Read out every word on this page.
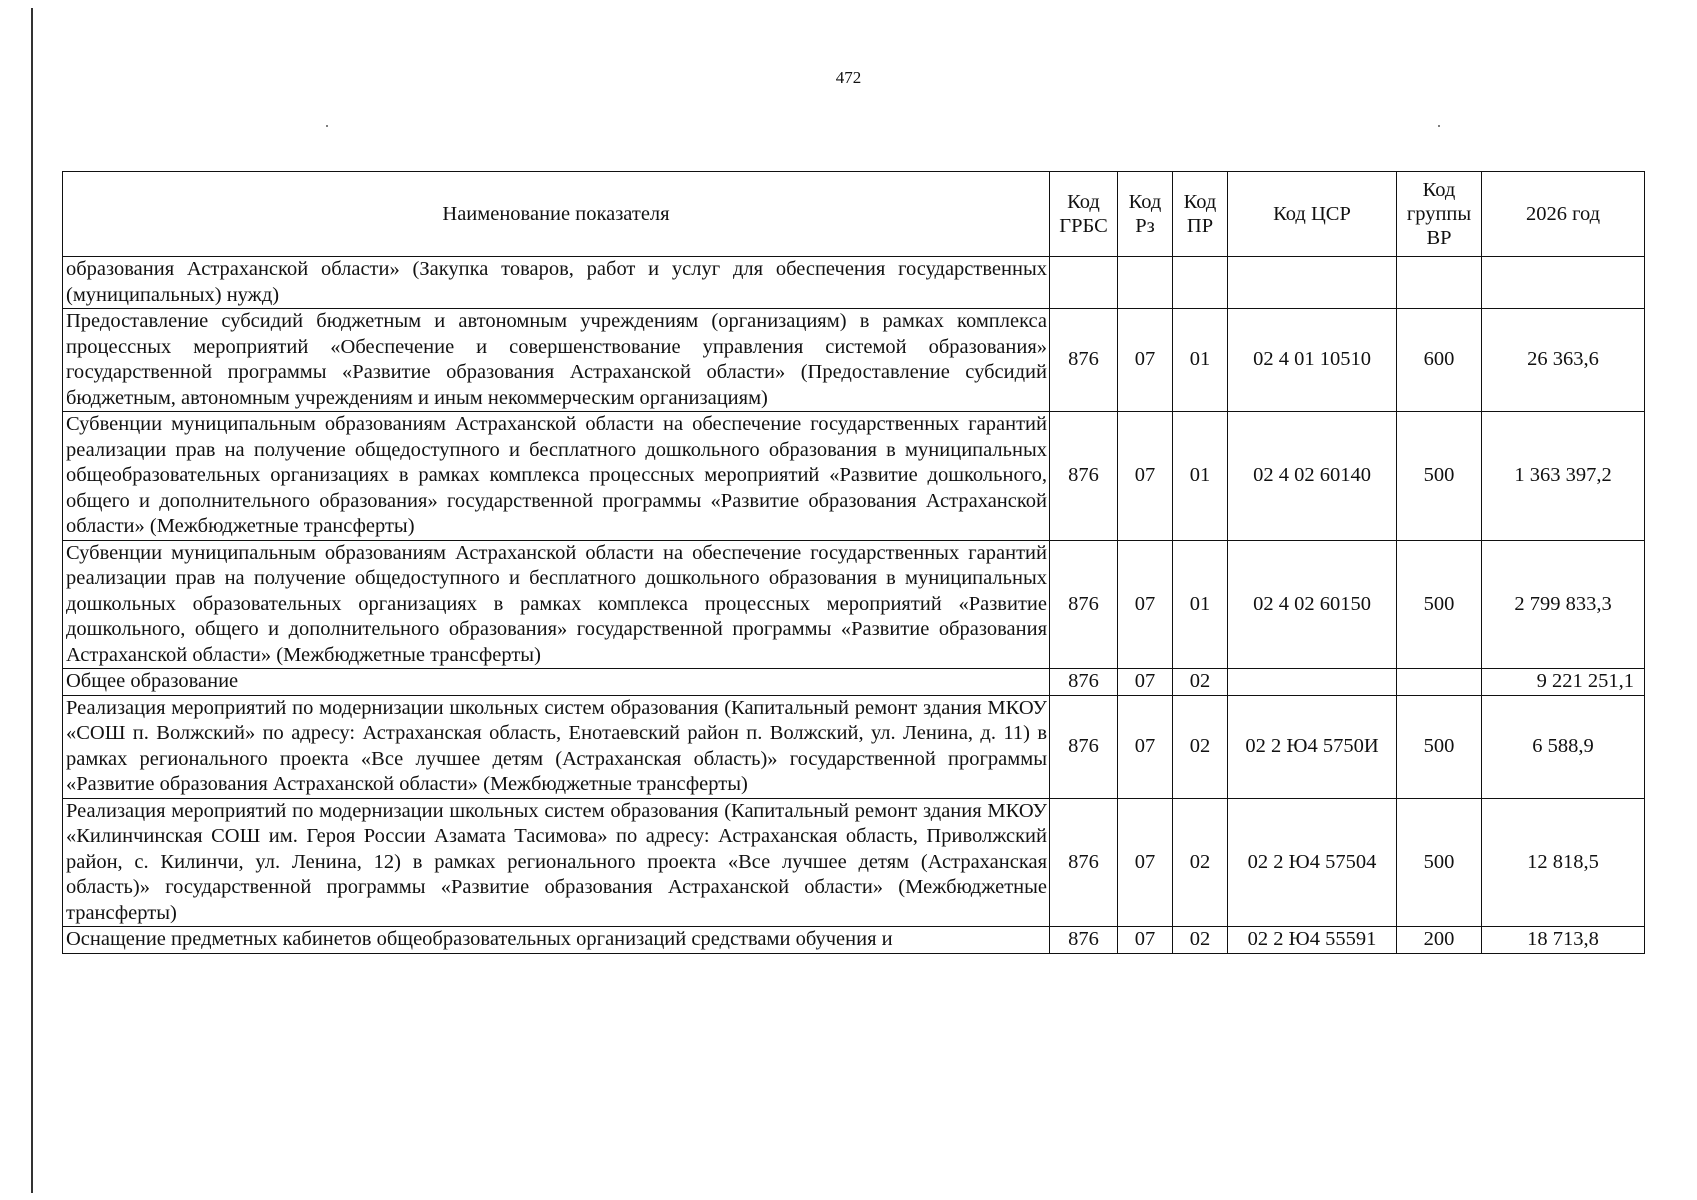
472
Наименование показателя	Код ГРБС	Код Рз	Код ПР	Код ЦСР	Код группы ВР	2026 год
образования Астраханской области» (Закупка товаров, работ и услуг для обеспечения государственных (муниципальных) нужд)						
Предоставление субсидий бюджетным и автономным учреждениям (организациям) в рамках комплекса процессных мероприятий «Обеспечение и совершенствование управления системой образования» государственной программы «Развитие образования Астраханской области» (Предоставление субсидий бюджетным, автономным учреждениям и иным некоммерческим организациям)	876	07	01	02 4 01 10510	600	26 363,6
Субвенции муниципальным образованиям Астраханской области на обеспечение государственных гарантий реализации прав на получение общедоступного и бесплатного дошкольного образования в муниципальных общеобразовательных организациях в рамках комплекса процессных мероприятий «Развитие дошкольного, общего и дополнительного образования» государственной программы «Развитие образования Астраханской области» (Межбюджетные трансферты)	876	07	01	02 4 02 60140	500	1 363 397,2
Субвенции муниципальным образованиям Астраханской области на обеспечение государственных гарантий реализации прав на получение общедоступного и бесплатного дошкольного образования в муниципальных дошкольных образовательных организациях в рамках комплекса процессных мероприятий «Развитие дошкольного, общего и дополнительного образования» государственной программы «Развитие образования Астраханской области» (Межбюджетные трансферты)	876	07	01	02 4 02 60150	500	2 799 833,3
Общее образование	876	07	02			9 221 251,1
Реализация мероприятий по модернизации школьных систем образования (Капитальный ремонт здания МКОУ «СОШ п. Волжский» по адресу: Астраханская область, Енотаевский район п. Волжский, ул. Ленина, д. 11) в рамках регионального проекта «Все лучшее детям (Астраханская область)» государственной программы «Развитие образования Астраханской области» (Межбюджетные трансферты)	876	07	02	02 2 Ю4 5750И	500	6 588,9
Реализация мероприятий по модернизации школьных систем образования (Капитальный ремонт здания МКОУ «Килинчинская СОШ им. Героя России Азамата Тасимова» по адресу: Астраханская область, Приволжский район, с. Килинчи, ул. Ленина, 12) в рамках регионального проекта «Все лучшее детям (Астраханская область)» государственной программы «Развитие образования Астраханской области» (Межбюджетные трансферты)	876	07	02	02 2 Ю4 57504	500	12 818,5
Оснащение предметных кабинетов общеобразовательных организаций средствами обучения и	876	07	02	02 2 Ю4 55591	200	18 713,8
